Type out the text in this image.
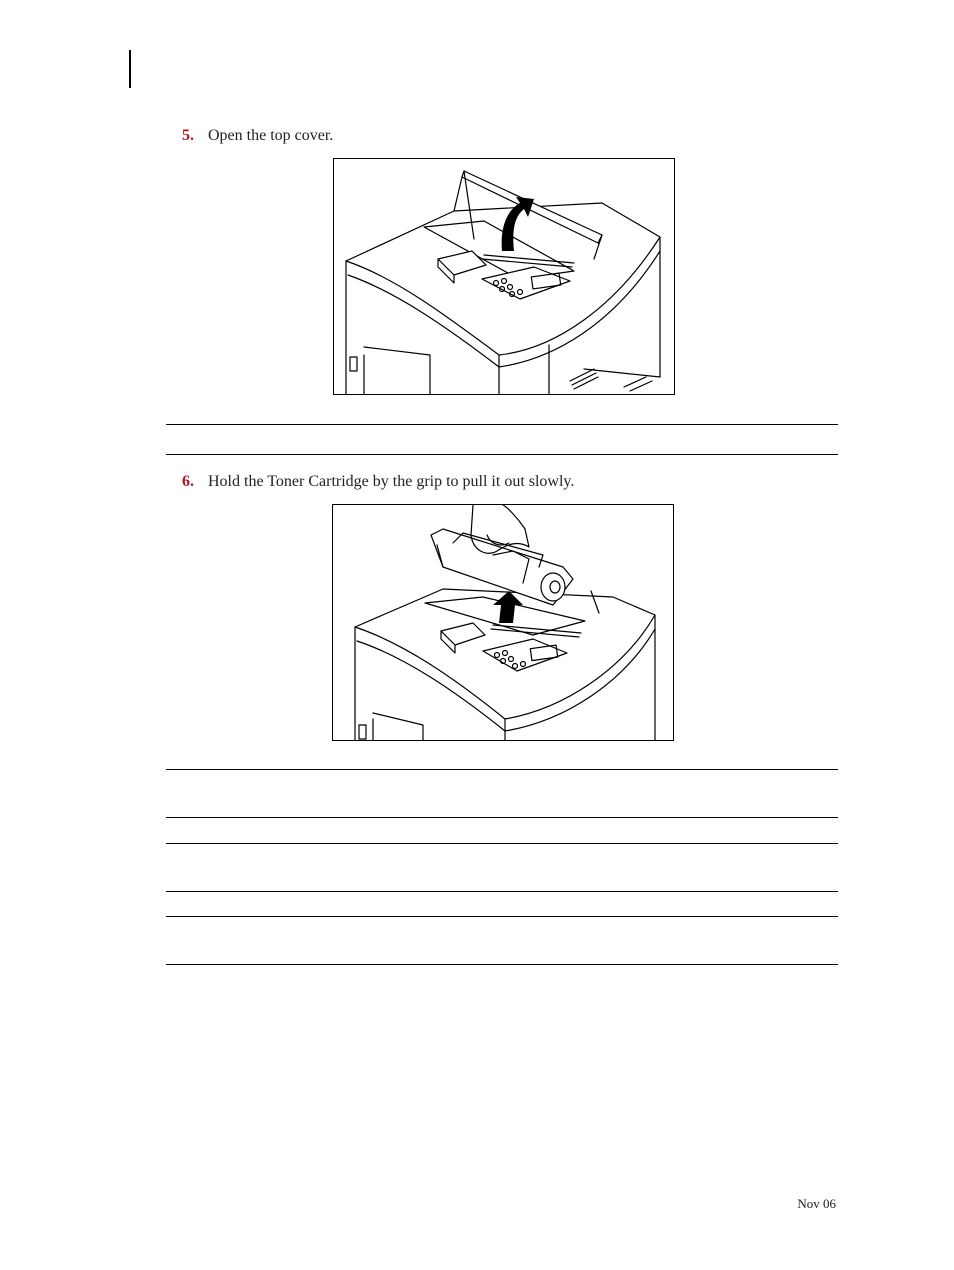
5. Open the top cover.
6. Hold the Toner Cartridge by the grip to pull it out slowly.
Nov 06
